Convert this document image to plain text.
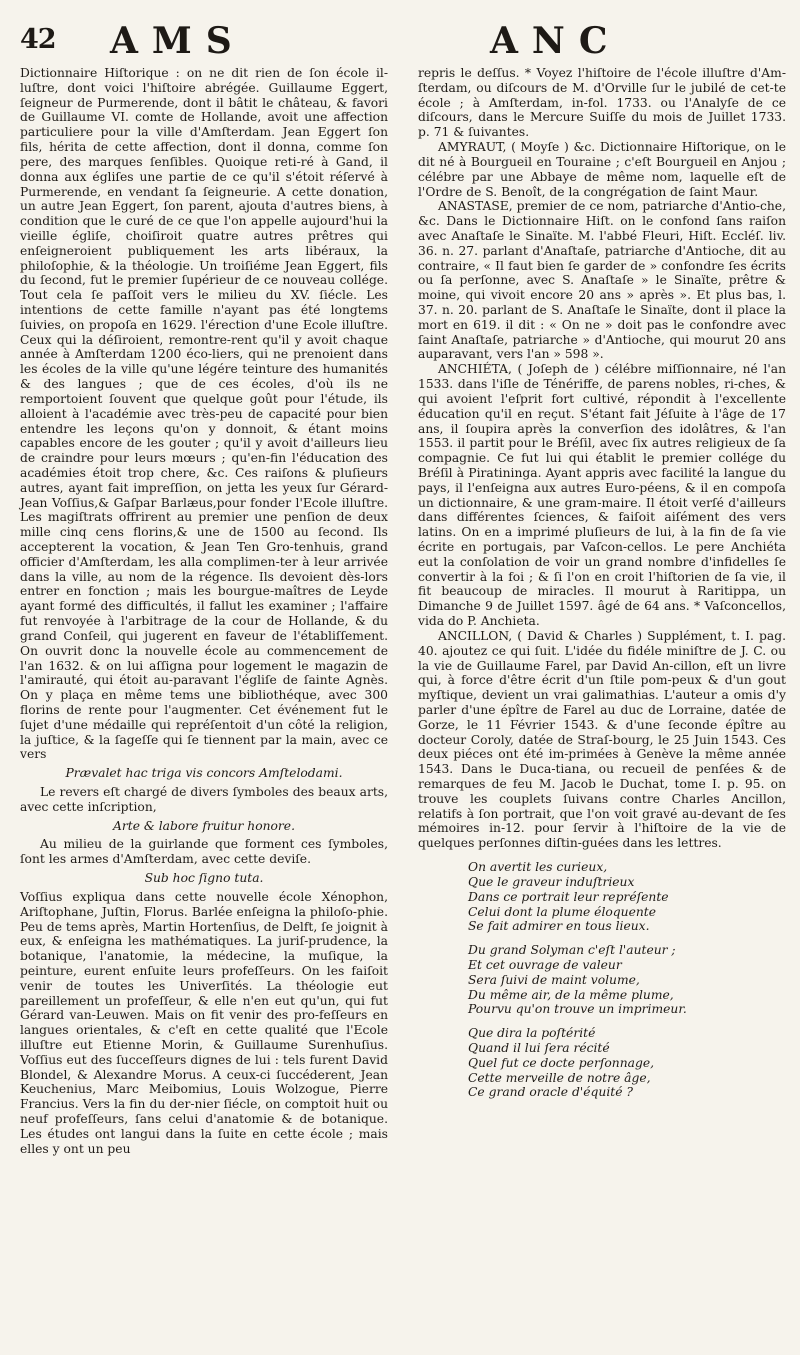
42 AMS	ANC

Dictionnaire Hiſtorique : on ne dit rien de ſon école il-luſtre, dont voici l'hiſtoire abrégée. Guillaume Eggert, ſeigneur de Purmerende, dont il bâtit le château, & favori de Guillaume VI. comte de Hollande, avoit une affection particuliere pour la ville d'Amſterdam. Jean Eggert ſon fils, hérita de cette affection, dont il donna, comme ſon pere, des marques ſenſibles. Quoique reti-ré à Gand, il donna aux égliſes une partie de ce qu'il s'étoit réſervé à Purmerende, en vendant ſa ſeigneurie. A cette donation, un autre Jean Eggert, ſon parent, ajouta d'autres biens, à condition que le curé de ce que l'on appelle aujourd'hui la vieille égliſe, choiſiroit quatre autres prêtres qui enſeigneroient publiquement les arts libéraux, la philoſophie, & la théologie. Un troiſiéme Jean Eggert, fils du ſecond, fut le premier ſupérieur de ce nouveau collége. Tout cela ſe paſſoit vers le milieu du XV. ſiécle. Les intentions de cette famille n'ayant pas été longtems ſuivies, on propoſa en 1629. l'érection d'une Ecole illuſtre. Ceux qui la déſiroient, remontre-rent qu'il y avoit chaque année à Amſterdam 1200 éco-liers, qui ne prenoient dans les écoles de la ville qu'une légére teinture des humanités & des langues ; que de ces écoles, d'où ils ne remportoient ſouvent que quelque goût pour l'étude, ils alloient à l'académie avec très-peu de capacité pour bien entendre les leçons qu'on y donnoit, & étant moins capables encore de les gouter ; qu'il y avoit d'ailleurs lieu de craindre pour leurs mœurs ; qu'en-fin l'éducation des académies étoit trop chere, &c. Ces raiſons & pluſieurs autres, ayant fait impreſſion, on jetta les yeux ſur Gérard-Jean Voſſius,& Gaſpar Barlæus,pour fonder l'Ecole illuſtre. Les magiſtrats offrirent au premier une penſion de deux mille cinq cens florins,& une de 1500 au ſecond. Ils accepterent la vocation, & Jean Ten Gro-tenhuis, grand officier d'Amſterdam, les alla complimen-ter à leur arrivée dans la ville, au nom de la régence. Ils devoient dès-lors entrer en fonction ; mais les bourgue-maîtres de Leyde ayant formé des difficultés, il fallut les examiner ; l'affaire fut renvoyée à l'arbitrage de la cour de Hollande, & du grand Conſeil, qui jugerent en faveur de l'établiſſement. On ouvrit donc la nouvelle école au commencement de l'an 1632. & on lui aſſigna pour logement le magazin de l'amirauté, qui étoit au-paravant l'égliſe de ſainte Agnès. On y plaça en même tems une bibliothéque, avec 300 florins de rente pour l'augmenter. Cet événement fut le ſujet d'une médaille qui repréſentoit d'un côté la religion, la juſtice, & la ſageſſe qui ſe tiennent par la main, avec ce vers

Prævalet hac triga vis concors Amſtelodami.

Le revers eſt chargé de divers ſymboles des beaux arts, avec cette inſcription,

Arte & labore fruitur honore.

Au milieu de la guirlande que forment ces ſymboles, ſont les armes d'Amſterdam, avec cette deviſe.

Sub hoc ſigno tuta.

Voſſius expliqua dans cette nouvelle école Xénophon, Ariſtophane, Juſtin, Florus. Barlée enſeigna la philoſo-phie. Peu de tems après, Martin Hortenſius, de Delft, ſe joignit à eux, & enſeigna les mathématiques. La juriſ-prudence, la botanique, l'anatomie, la médecine, la muſique, la peinture, eurent enſuite leurs profeſſeurs. On les faiſoit venir de toutes les Univerſités. La théologie eut pareillement un profeſſeur, & elle n'en eut qu'un, qui fut Gérard van-Leuwen. Mais on fit venir des pro-feſſeurs en langues orientales, & c'eſt en cette qualité que l'Ecole illuſtre eut Etienne Morin, & Guillaume Surenhuſius. Voſſius eut des ſucceſſeurs dignes de lui : tels furent David Blondel, & Alexandre Morus. A ceux-ci ſuccéderent, Jean Keuchenius, Marc Meibomius, Louis Wolzogue, Pierre Francius. Vers la fin du der-nier ſiécle, on comptoit huit ou neuf profeſſeurs, ſans celui d'anatomie & de botanique. Les études ont langui dans la ſuite en cette école ; mais elles y ont un peu

repris le deſſus. * Voyez l'hiſtoire de l'école illuſtre d'Am-ſterdam, ou diſcours de M. d'Orville ſur le jubilé de cet-te école ; à Amſterdam, in-fol. 1733. ou l'Analyſe de ce diſcours, dans le Mercure Suiſſe du mois de Juillet 1733. p. 71 & ſuivantes.

AMYRAUT, ( Moyſe ) &c. Dictionnaire Hiſtorique, on le dit né à Bourgueil en Touraine ; c'eſt Bourgueil en Anjou ; célébre par une Abbaye de même nom, laquelle eſt de l'Ordre de S. Benoît, de la congrégation de ſaint Maur.

ANASTASE, premier de ce nom, patriarche d'Antio-che, &c. Dans le Dictionnaire Hiſt. on le confond ſans raiſon avec Anaſtaſe le Sinaïte. M. l'abbé Fleuri, Hiſt. Eccléſ. liv. 36. n. 27. parlant d'Anaſtaſe, patriarche d'Antioche, dit au contraire, « Il faut bien ſe garder de » confondre ſes écrits ou ſa perſonne, avec S. Anaſtaſe » le Sinaïte, prêtre & moine, qui vivoit encore 20 ans » après ». Et plus bas, l. 37. n. 20. parlant de S. Anaſtaſe le Sinaïte, dont il place la mort en 619. il dit : « On ne » doit pas le confondre avec ſaint Anaſtaſe, patriarche » d'Antioche, qui mourut 20 ans auparavant, vers l'an » 598 ».

ANCHIÉTA, ( Joſeph de ) célébre miſſionnaire, né l'an 1533. dans l'iſle de Ténériffe, de parens nobles, ri-ches, & qui avoient l'eſprit fort cultivé, répondit à l'excellente éducation qu'il en reçut. S'étant fait Jéſuite à l'âge de 17 ans, il ſoupira après la converſion des idolâtres, & l'an 1553. il partit pour le Bréſil, avec ſix autres religieux de ſa compagnie. Ce fut lui qui établit le premier collége du Bréſil à Piratininga. Ayant appris avec facilité la langue du pays, il l'enſeigna aux autres Euro-péens, & il en compoſa un dictionnaire, & une gram-maire. Il étoit verſé d'ailleurs dans différentes ſciences, & faiſoit aiſément des vers latins. On en a imprimé pluſieurs de lui, à la fin de ſa vie écrite en portugais, par Vaſcon-cellos. Le pere Anchiéta eut la conſolation de voir un grand nombre d'infidelles ſe convertir à la foi ; & ſi l'on en croit l'hiſtorien de ſa vie, il fit beaucoup de miracles. Il mourut à Raritippa, un Dimanche 9 de Juillet 1597. âgé de 64 ans. * Vaſconcellos, vida do P. Anchieta.

ANCILLON, ( David & Charles ) Supplément, t. I. pag. 40. ajoutez ce qui ſuit. L'idée du fidéle miniſtre de J. C. ou la vie de Guillaume Farel, par David An-cillon, eſt un livre qui, à force d'être écrit d'un ſtile pom-peux & d'un gout myſtique, devient un vrai galimathias. L'auteur a omis d'y parler d'une épître de Farel au duc de Lorraine, datée de Gorze, le 11 Février 1543. & d'une ſeconde épître au docteur Coroly, datée de Straſ-bourg, le 25 Juin 1543. Ces deux piéces ont été im-primées à Genève la même année 1543. Dans le Duca-tiana, ou recueil de penſées & de remarques de feu M. Jacob le Duchat, tome I. p. 95. on trouve les couplets ſuivans contre Charles Ancillon, relatifs à ſon portrait, que l'on voit gravé au-devant de ſes mémoires in-12. pour ſervir à l'hiſtoire de la vie de quelques perſonnes diſtin-guées dans les lettres.

On avertit les curieux,
Que le graveur induſtrieux
Dans ce portrait leur repréſente
Celui dont la plume éloquente
Se fait admirer en tous lieux.
Du grand Solyman c'eſt l'auteur ;
Et cet ouvrage de valeur
Sera ſuivi de maint volume,
Du même air, de la même plume,
Pourvu qu'on trouve un imprimeur.
Que dira la poſtérité
Quand il lui ſera récité
Quel fut ce docte perſonnage,
Cette merveille de notre âge,
Ce grand oracle d'équité ?
